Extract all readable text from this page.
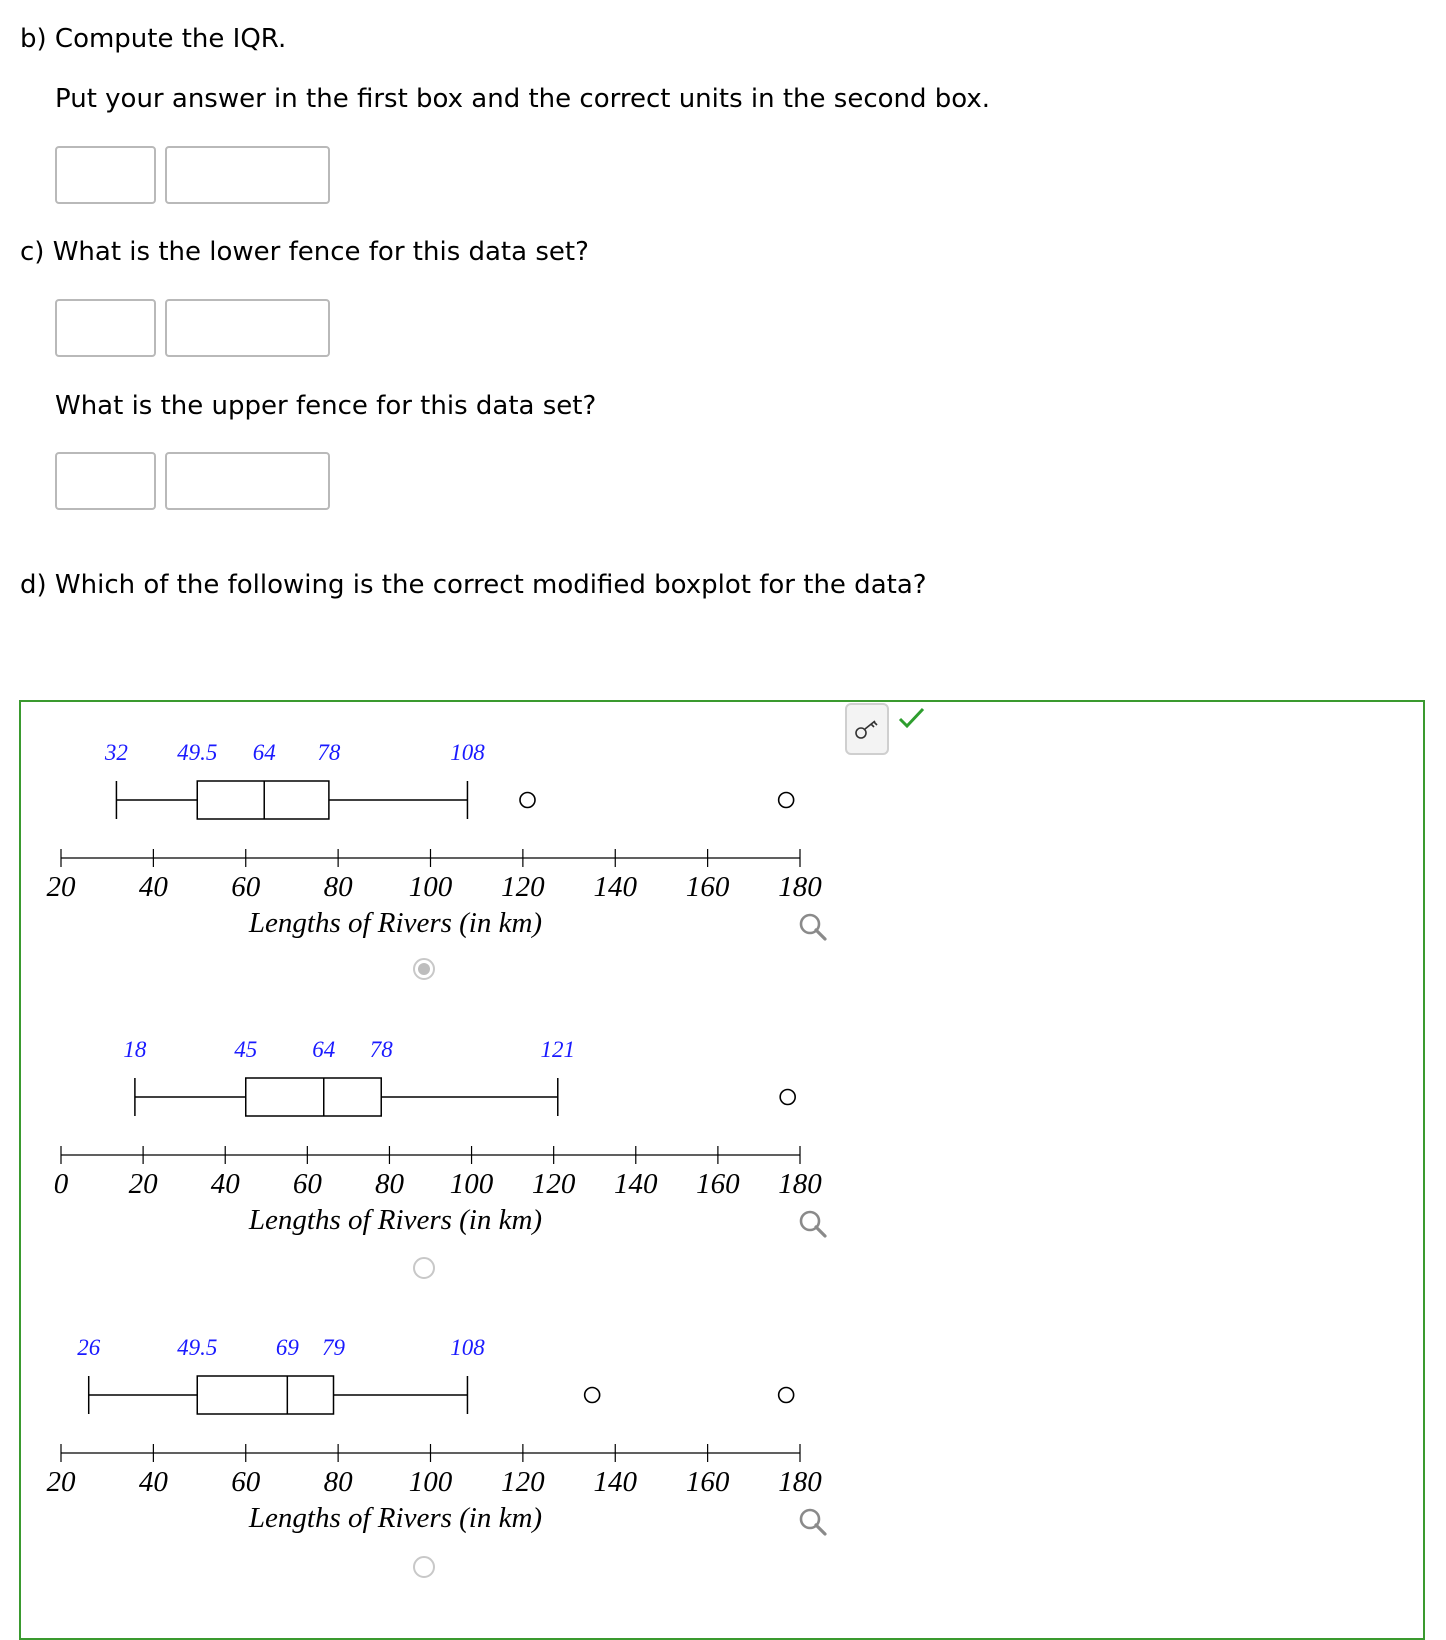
b) Compute the IQR.
Put your answer in the first box and the correct units in the second box.
c) What is the lower fence for this data set?
What is the upper fence for this data set?
d) Which of the following is the correct modified boxplot for the data?
32 49.5 64 78	108
20 40 60 80 100 120 140 160 180
Lengths of Rivers (in km)
18	45 64 78	121
0 20 40 60 80 100 120 140 160 180
Lengths of Rivers (in km)
26	49.5	69 79	108
20 40 60 80 100 120 140 160 180
Lengths of Rivers (in km)
